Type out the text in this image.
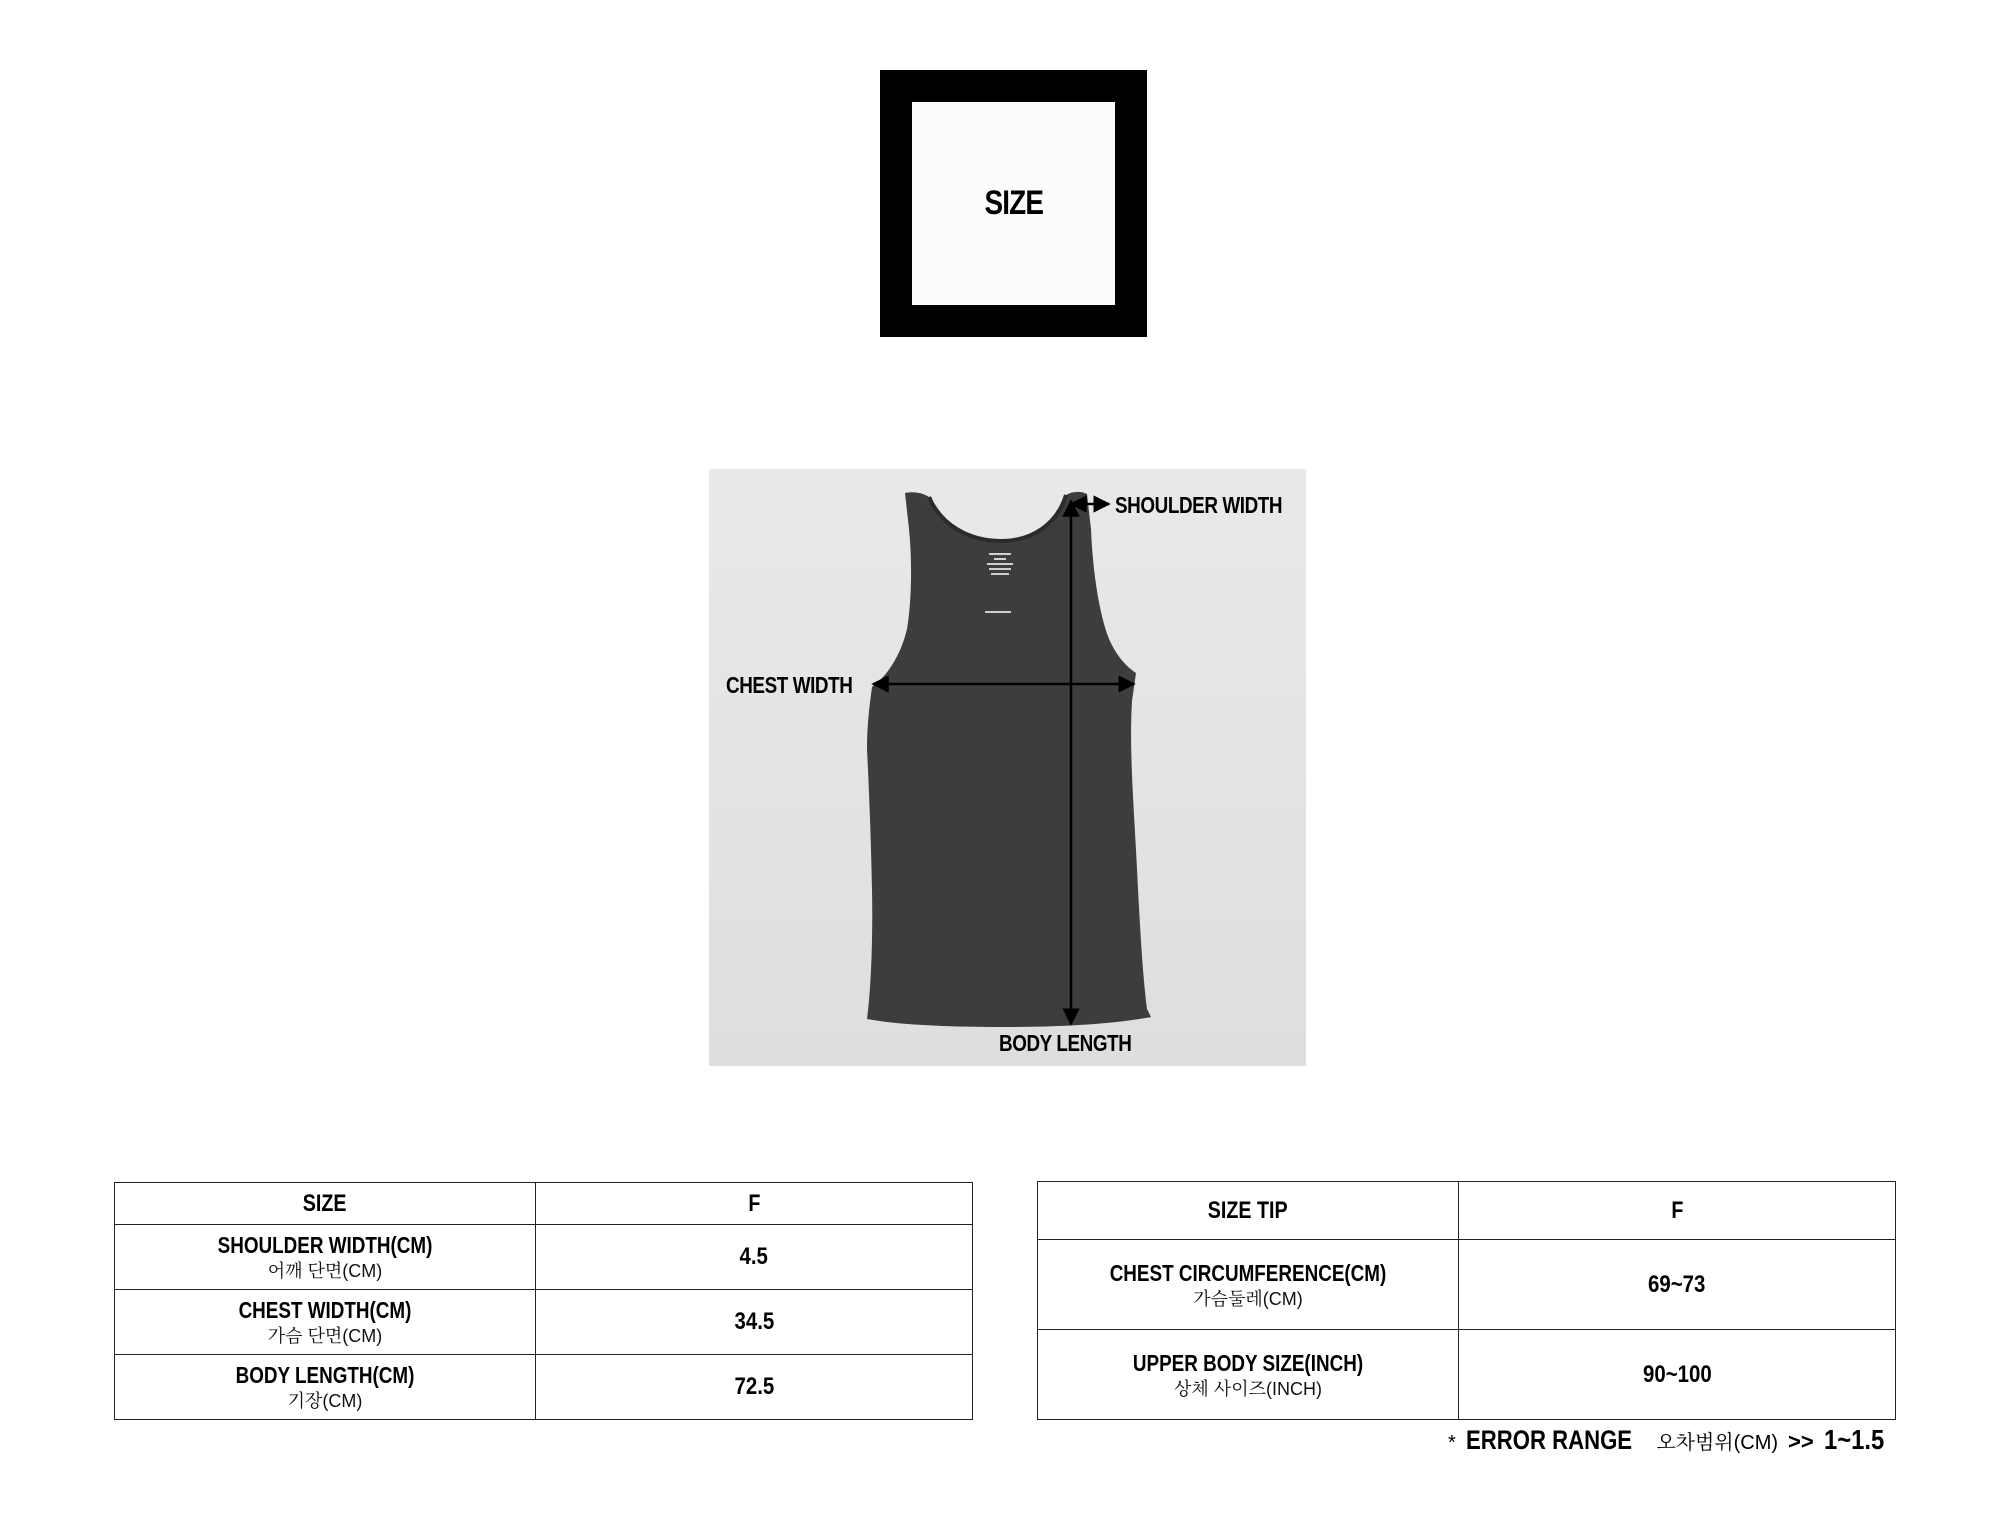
SIZE
SHOULDER WIDTH
CHEST WIDTH
BODY LENGTH
SIZE	F

SHOULDER WIDTH(CM)
어깨 단면(CM)	4.5

CHEST WIDTH(CM)
가슴 단면(CM)	34.5

BODY LENGTH(CM)
기장(CM)	72.5
SIZE TIP	F

CHEST CIRCUMFERENCE(CM)
가슴둘레(CM)	69~73

UPPER BODY SIZE(INCH)
상체 사이즈(INCH)	90~100
* ERROR RANGE 오차범위(CM) >> 1~1.5
